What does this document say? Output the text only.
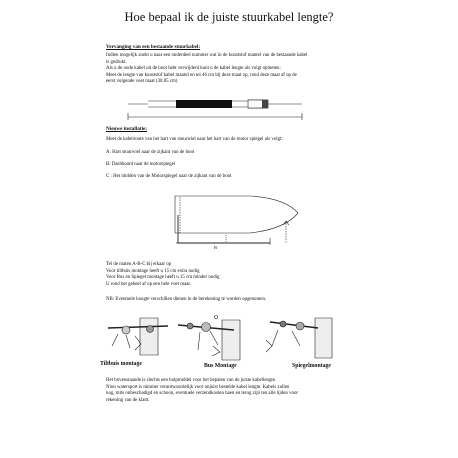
Hoe bepaal ik de juiste stuurkabel lengte?
Vervanging van een bestaande stuurkabel:
Indien mogelijk zoekt u naar een onderdeel nummer wat in de kunststof mantel van de bestaande kabel
is gedrukt.
Als u de oude kabel uit de boot hebt verwijderd kunt u de kabel lengte als volgt opmeten:
Meet de lengte van kunststof kabel mantel en tel 46 cm bij deze maat op, rond deze maat af op de
eerst volgende voet maat (30.05 cm)
Nieuwe installatie:
Meet de kabelroute van het hart van stuurwiel naar het hart van de motor spiegel als volgt:
A: Hart stuurwiel naar de zijkant van de boot
B: Dashboard naar de motorspiegel
C : Het midden van de Motorspiegel naar de zijkant van de boot
B
Tel de maten A-B-C bij elkaar op
Voor tiltbuis montage heeft u 15 cm extra nodig
Voor Bus en Spiegel montage heeft u 15 cm minder nodig
U rond het geheel af op een hele voet maat.
NB: Eventuele hoogte verschillen dienen in de berekening te worden opgenomen.
Tiltbuis montage	Bus Montage	Spiegelmontage
Het bovenstaande is slechts een hulpmiddel voor het bepalen van de juiste kabellengte.
Nion watersport is nimmer verantwoordelijk voor onjuist bestelde kabel lengte. Kabels zullen
nog, mits onbeschadigd en schoon, eventuele verzendkosten haen en terug zijn ten alle tijden voor
rekening van de klant.
